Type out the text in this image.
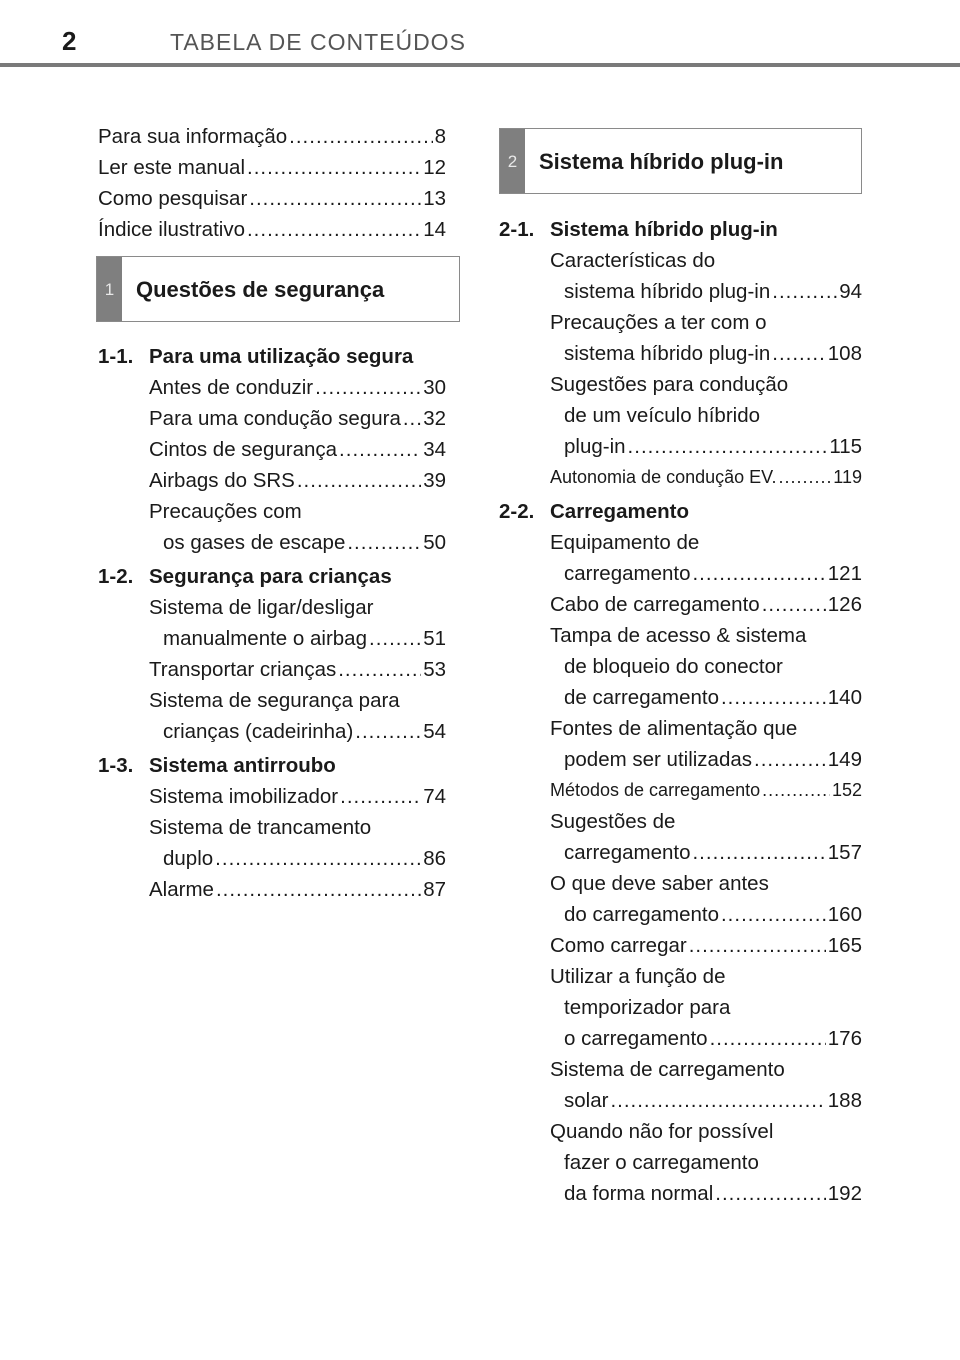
2	TABELA DE CONTEÚDOS
Para sua informação .....	8
Ler este manual .....	12
Como pesquisar .....	13
Índice ilustrativo .....	14
1 Questões de segurança
1-1. Para uma utilização segura
Antes de conduzir .....	30
Para uma condução segura ..... 32
Cintos de segurança .....	34
Airbags do SRS .....	39
Precauções com
os gases de escape .....	50
1-2. Segurança para crianças
Sistema de ligar/desligar
manualmente o airbag .....	51
Transportar crianças .....	53
Sistema de segurança para
crianças (cadeirinha) .....	54
1-3. Sistema antirroubo
Sistema imobilizador .....	74
Sistema de trancamento
duplo .....	86
Alarme .....	87
2 Sistema híbrido plug-in
2-1. Sistema híbrido plug-in
Características do
sistema híbrido plug-in .....	94
Precauções a ter com o
sistema híbrido plug-in .....	108
Sugestões para condução
de um veículo híbrido
plug-in .....	115
Autonomia de condução EV. .....	119
2-2. Carregamento
Equipamento de
carregamento .....	121
Cabo de carregamento .....	126
Tampa de acesso & sistema
de bloqueio do conector
de carregamento .....	140
Fontes de alimentação que
podem ser utilizadas .....	149
Métodos de carregamento .....	152
Sugestões de
carregamento .....	157
O que deve saber antes
do carregamento .....	160
Como carregar .....	165
Utilizar a função de
temporizador para
o carregamento .....	176
Sistema de carregamento
solar .....	188
Quando não for possível
fazer o carregamento
da forma normal .....	192
